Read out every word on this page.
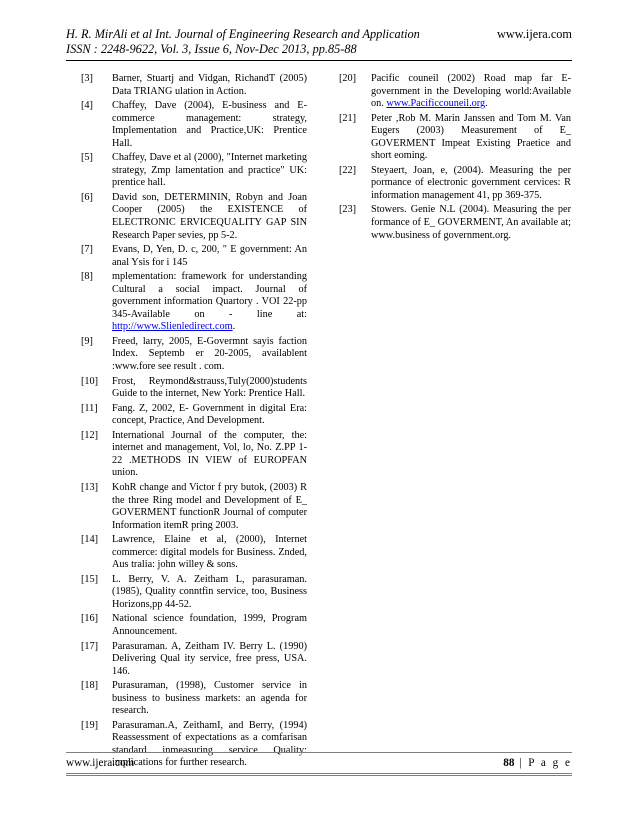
H. R. MirAli et al Int. Journal of Engineering Research and Application	www.ijera.com
ISSN : 2248-9622, Vol. 3, Issue 6, Nov-Dec 2013, pp.85-88
[3] Barner, Stuartj and Vidgan, RichandT (2005) Data TRIANG ulation in Action.
[4] Chaffey, Dave (2004), E-business and E-commerce management: strategy, Implementation and Practice,UK: Prentice Hall.
[5] Chaffey, Dave et al (2000), "Internet marketing strategy, Zmp lamentation and practice" UK: prentice hall.
[6] David son, DETERMININ, Robyn and Joan Cooper (2005) the EXISTENCE of ELECTRONIC ERVICEQUALITY GAP SIN Research Paper sevies, pp 5-2.
[7] Evans, D, Yen, D. c, 200, " E government: An anal Ysis for i 145
[8] mplementation: framework for understanding Cultural a social impact. Journal of government information Quartory . VOI 22-pp 345-Available on - line at: http://www.Slienledirect.com.
[9] Freed, larry, 2005, E-Govermnt sayis faction Index. Septemb er 20-2005, availablent :www.fore see result . com.
[10] Frost, Reymond&strauss,Tuly(2000)students Guide to the internet, New York: Prentice Hall.
[11] Fang. Z, 2002, E- Government in digital Era: concept, Practice, And Development.
[12] International Journal of the computer, the: internet and management, Vol, lo, No. Z.PP 1-22 .METHODS IN VIEW of EUROPFAN union.
[13] KohR change and Victor f pry butok, (2003) R the three Ring model and Development of E_ GOVERMENT functionR Journal of computer Information itemR pring 2003.
[14] Lawrence, Elaine et al, (2000), Internet commerce: digital models for Business. Znded, Aus tralia: john willey & sons.
[15] L. Berry, V. A. Zeitham L, parasuraman. (1985), Quality conntfin service, too, Business Horizons,pp 44-52.
[16] National science foundation, 1999, Program Announcement.
[17] Parasuraman. A, Zeitham IV. Berry L. (1990) Delivering Qual ity service, free press, USA. 146.
[18] Purasuraman, (1998), Customer service in business to business markets: an agenda for research.
[19] Parasuraman.A, ZeithamI, and Berry, (1994) Reassessment of expectations as a comfarisan standard inmeasuring service Quality: implications for further research.
[20] Pacific couneil (2002) Road map far E-government in the Developing world:Available on. www.Pacificcouneil.org.
[21] Peter ,Rob M. Marin Janssen and Tom M. Van Eugers (2003) Measurement of E_ GOVERMENT Impeat Existing Praetice and short eoming.
[22] Steyaert, Joan, e, (2004). Measuring the per pormance of electronic government cervices: R information management 41, pp 369-375.
[23] Stowers. Genie N.L (2004). Measuring the per formance of E_ GOVERMENT, An available at; www.business of government.org.
www.ijera.com	88 | P a g e
